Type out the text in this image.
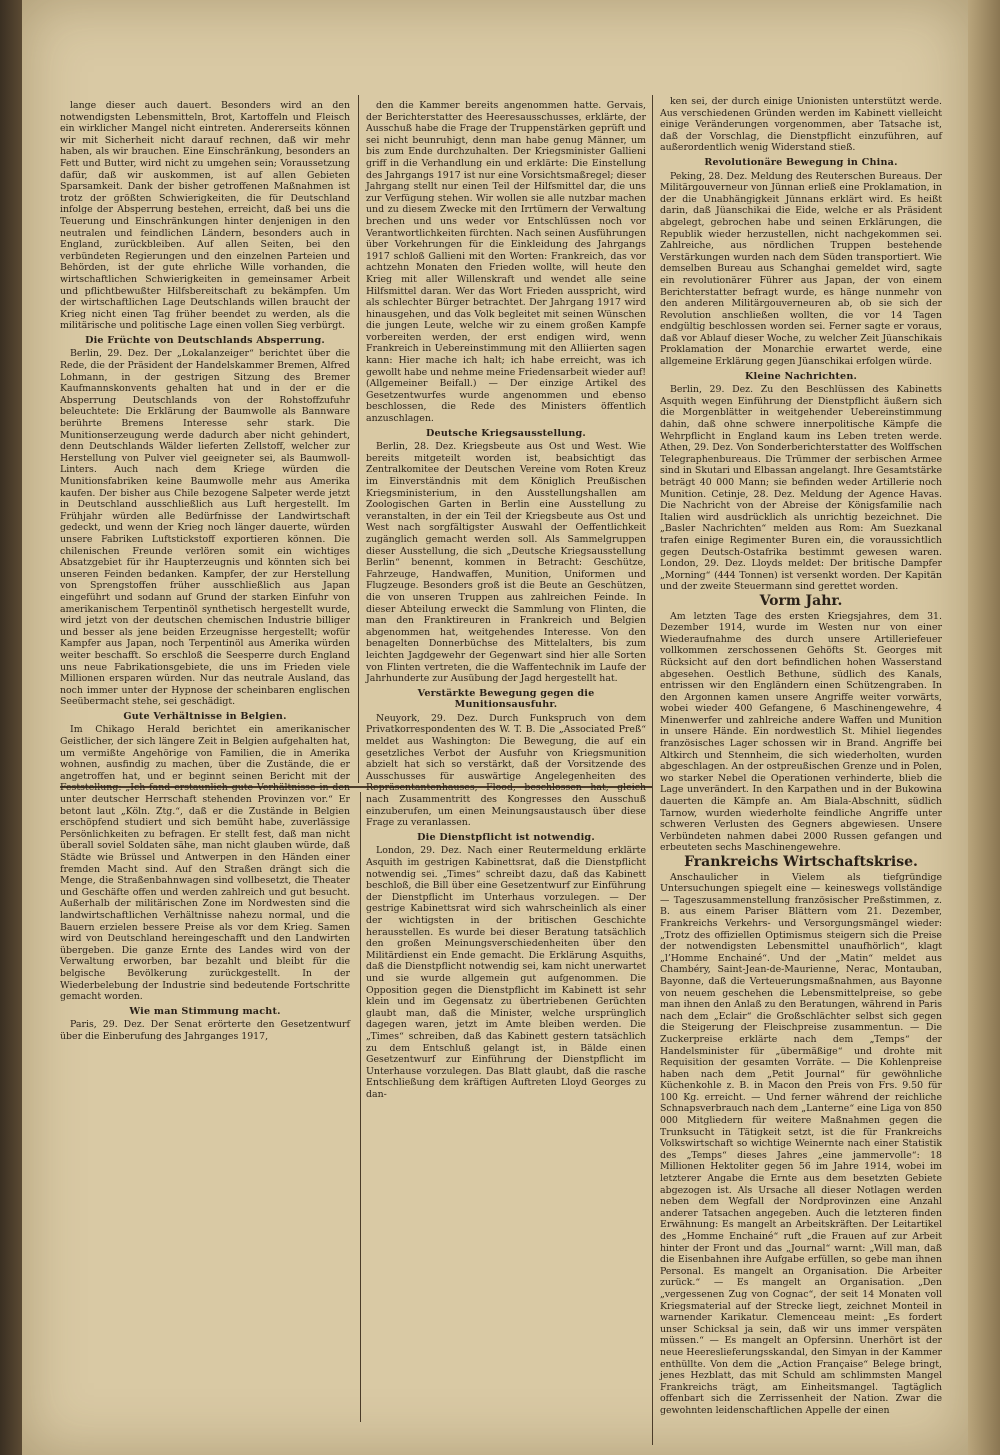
lange dieser auch dauert. Besonders wird an den notwendigsten Lebensmitteln, Brot, Kartoffeln und Fleisch ein wirklicher Mangel nicht eintreten. Andererseits können wir mit Sicherheit nicht darauf rechnen, daß wir mehr haben, als wir brauchen. Eine Einschränkung, besonders an Fett und Butter, wird nicht zu umgehen sein; Voraussetzung dafür, daß wir auskommen, ist auf allen Gebieten Sparsamkeit. Dank der bisher getroffenen Maßnahmen ist trotz der größten Schwierigkeiten, die für Deutschland infolge der Absperrung bestehen, erreicht, daß bei uns die Teuerung und Einschränkungen hinter denjenigen in den neutralen und feindlichen Ländern, besonders auch in England, zurückbleiben. Auf allen Seiten, bei den verbündeten Regierungen und den einzelnen Parteien und Behörden, ist der gute ehrliche Wille vorhanden, die wirtschaftlichen Schwierigkeiten in gemeinsamer Arbeit und pflichtbewußter Hilfsbereitschaft zu bekämpfen. Um der wirtschaftlichen Lage Deutschlands willen braucht der Krieg nicht einen Tag früher beendet zu werden, als die militärische und politische Lage einen vollen Sieg verbürgt.

Die Früchte von Deutschlands Absperrung.

Berlin, 29. Dez. Der „Lokalanzeiger“ berichtet über die Rede, die der Präsident der Handelskammer Bremen, Alfred Lohmann, in der gestrigen Sitzung des Bremer Kaufmannskonvents gehalten hat und in der er die Absperrung Deutschlands von der Rohstoffzufuhr beleuchtete: Die Erklärung der Baumwolle als Bannware berührte Bremens Interesse sehr stark. Die Munitionserzeugung werde dadurch aber nicht gehindert, denn Deutschlands Wälder lieferten Zellstoff, welcher zur Herstellung von Pulver viel geeigneter sei, als Baumwoll-Linters. Auch nach dem Kriege würden die Munitionsfabriken keine Baumwolle mehr aus Amerika kaufen. Der bisher aus Chile bezogene Salpeter werde jetzt in Deutschland ausschließlich aus Luft hergestellt. Im Frühjahr würden alle Bedürfnisse der Landwirtschaft gedeckt, und wenn der Krieg noch länger dauerte, würden unsere Fabriken Luftstickstoff exportieren können. Die chilenischen Freunde verlören somit ein wichtiges Absatzgebiet für ihr Haupterzeugnis und könnten sich bei unseren Feinden bedanken. Kampfer, der zur Herstellung von Sprengstoffen früher ausschließlich aus Japan eingeführt und sodann auf Grund der starken Einfuhr von amerikanischem Terpentinöl synthetisch hergestellt wurde, wird jetzt von der deutschen chemischen Industrie billiger und besser als jene beiden Erzeugnisse hergestellt; wofür Kampfer aus Japan, noch Terpentinöl aus Amerika würden weiter beschafft. So erschloß die Seesperre durch England uns neue Fabrikationsgebiete, die uns im Frieden viele Millionen ersparen würden. Nur das neutrale Ausland, das noch immer unter der Hypnose der scheinbaren englischen Seeübermacht stehe, sei geschädigt.

Gute Verhältnisse in Belgien.

Im Chikago Herald berichtet ein amerikanischer Geistlicher, der sich längere Zeit in Belgien aufgehalten hat, um vermißte Angehörige von Familien, die in Amerika wohnen, ausfindig zu machen, über die Zustände, die er angetroffen hat, und er beginnt seinen Bericht mit der Feststellung: „Ich fand erstaunlich gute Verhältnisse in den unter deutscher Herrschaft stehenden Provinzen vor.“ Er betont laut „Köln. Ztg.“, daß er die Zustände in Belgien erschöpfend studiert und sich bemüht habe, zuverlässige Persönlichkeiten zu befragen. Er stellt fest, daß man nicht überall soviel Soldaten sähe, man nicht glauben würde, daß Städte wie Brüssel und Antwerpen in den Händen einer fremden Macht sind. Auf den Straßen drängt sich die Menge, die Straßenbahnwagen sind vollbesetzt, die Theater und Geschäfte offen und werden zahlreich und gut besucht. Außerhalb der militärischen Zone im Nordwesten sind die landwirtschaftlichen Verhältnisse nahezu normal, und die Bauern erzielen bessere Preise als vor dem Krieg. Samen wird von Deutschland hereingeschafft und den Landwirten übergeben. Die ganze Ernte des Landes wird von der Verwaltung erworben, bar bezahlt und bleibt für die belgische Bevölkerung zurückgestellt. In der Wiederbelebung der Industrie sind bedeutende Fortschritte gemacht worden.

Wie man Stimmung macht.

Paris, 29. Dez. Der Senat erörterte den Gesetzentwurf über die Einberufung des Jahrganges 1917,

den die Kammer bereits angenommen hatte. Gervais, der Berichterstatter des Heeresausschusses, erklärte, der Ausschuß habe die Frage der Truppenstärken geprüft und sei nicht beunruhigt, denn man habe genug Männer, um bis zum Ende durchzuhalten. Der Kriegsminister Gallieni griff in die Verhandlung ein und erklärte: Die Einstellung des Jahrgangs 1917 ist nur eine Vorsichtsmaßregel; dieser Jahrgang stellt nur einen Teil der Hilfsmittel dar, die uns zur Verfügung stehen. Wir wollen sie alle nutzbar machen und zu diesem Zwecke mit den Irrtümern der Verwaltung brechen und uns weder vor Entschlüssen noch vor Verantwortlichkeiten fürchten. Nach seinen Ausführungen über Vorkehrungen für die Einkleidung des Jahrgangs 1917 schloß Gallieni mit den Worten: Frankreich, das vor achtzehn Monaten den Frieden wollte, will heute den Krieg mit aller Willenskraft und wendet alle seine Hilfsmittel daran. Wer das Wort Frieden ausspricht, wird als schlechter Bürger betrachtet. Der Jahrgang 1917 wird hinausgehen, und das Volk begleitet mit seinen Wünschen die jungen Leute, welche wir zu einem großen Kampfe vorbereiten werden, der erst endigen wird, wenn Frankreich in Uebereinstimmung mit den Alliierten sagen kann: Hier mache ich halt; ich habe erreicht, was ich gewollt habe und nehme meine Friedensarbeit wieder auf! (Allgemeiner Beifall.) — Der einzige Artikel des Gesetzentwurfes wurde angenommen und ebenso beschlossen, die Rede des Ministers öffentlich anzuschlagen.

Deutsche Kriegsausstellung.

Berlin, 28. Dez. Kriegsbeute aus Ost und West. Wie bereits mitgeteilt worden ist, beabsichtigt das Zentralkomitee der Deutschen Vereine vom Roten Kreuz im Einverständnis mit dem Königlich Preußischen Kriegsministerium, in den Ausstellungshallen am Zoologischen Garten in Berlin eine Ausstellung zu veranstalten, in der ein Teil der Kriegsbeute aus Ost und West nach sorgfältigster Auswahl der Oeffentlichkeit zugänglich gemacht werden soll. Als Sammelgruppen dieser Ausstellung, die sich „Deutsche Kriegsausstellung Berlin“ benennt, kommen in Betracht: Geschütze, Fahrzeuge, Handwaffen, Munition, Uniformen und Flugzeuge. Besonders groß ist die Beute an Geschützen, die von unseren Truppen aus zahlreichen Feinde. In dieser Abteilung erweckt die Sammlung von Flinten, die man den Franktireuren in Frankreich und Belgien abgenommen hat, weitgehendes Interesse. Von den benagelten Donnerbüchse des Mittelalters, bis zum leichten Jagdgewehr der Gegenwart sind hier alle Sorten von Flinten vertreten, die die Waffentechnik im Laufe der Jahrhunderte zur Ausübung der Jagd hergestellt hat.

Verstärkte Bewegung gegen die Munitionsausfuhr.

Neuyork, 29. Dez. Durch Funkspruch von dem Privatkorrespondenten des W. T. B. Die „Associated Preß“ meldet aus Washington: Die Bewegung, die auf ein gesetzliches Verbot der Ausfuhr von Kriegsmunition abzielt hat sich so verstärkt, daß der Vorsitzende des Ausschusses für auswärtige Angelegenheiten des Repräsentantenhauses, Flood, beschlossen hat, gleich nach Zusammentritt des Kongresses den Ausschuß einzuberufen, um einen Meinungsaustausch über diese Frage zu veranlassen.

Die Dienstpflicht ist notwendig.

London, 29. Dez. Nach einer Reutermeldung erklärte Asquith im gestrigen Kabinettsrat, daß die Dienstpflicht notwendig sei. „Times“ schreibt dazu, daß das Kabinett beschloß, die Bill über eine Gesetzentwurf zur Einführung der Dienstpflicht im Unterhaus vorzulegen. — Der gestrige Kabinettsrat wird sich wahrscheinlich als einer der wichtigsten in der britischen Geschichte herausstellen. Es wurde bei dieser Beratung tatsächlich den großen Meinungsverschiedenheiten über den Militärdienst ein Ende gemacht. Die Erklärung Asquiths, daß die Dienstpflicht notwendig sei, kam nicht unerwartet und sie wurde allgemein gut aufgenommen. Die Opposition gegen die Dienstpflicht im Kabinett ist sehr klein und im Gegensatz zu übertriebenen Gerüchten glaubt man, daß die Minister, welche ursprünglich dagegen waren, jetzt im Amte bleiben werden. Die „Times“ schreiben, daß das Kabinett gestern tatsächlich zu dem Entschluß gelangt ist, in Bälde einen Gesetzentwurf zur Einführung der Dienstpflicht im Unterhause vorzulegen. Das Blatt glaubt, daß die rasche Entschließung dem kräftigen Auftreten Lloyd Georges zu dan-

ken sei, der durch einige Unionisten unterstützt werde. Aus verschiedenen Gründen werden im Kabinett vielleicht einige Veränderungen vorgenommen, aber Tatsache ist, daß der Vorschlag, die Dienstpflicht einzuführen, auf außerordentlich wenig Widerstand stieß.

Revolutionäre Bewegung in China.

Peking, 28. Dez. Meldung des Reuterschen Bureaus. Der Militärgouverneur von Jünnan erließ eine Proklamation, in der die Unabhängigkeit Jünnans erklärt wird. Es heißt darin, daß Jüanschikai die Eide, welche er als Präsident abgelegt, gebrochen habe und seinen Erklärungen, die Republik wieder herzustellen, nicht nachgekommen sei. Zahlreiche, aus nördlichen Truppen bestehende Verstärkungen wurden nach dem Süden transportiert. Wie demselben Bureau aus Schanghai gemeldet wird, sagte ein revolutionärer Führer aus Japan, der von einem Berichterstatter befragt wurde, es hänge nunmehr von den anderen Militärgouverneuren ab, ob sie sich der Revolution anschließen wollten, die vor 14 Tagen endgültig beschlossen worden sei. Ferner sagte er voraus, daß vor Ablauf dieser Woche, zu welcher Zeit Jüanschikais Proklamation der Monarchie erwartet werde, eine allgemeine Erklärung gegen Jüanschikai erfolgen würde.

Kleine Nachrichten.

Berlin, 29. Dez. Zu den Beschlüssen des Kabinetts Asquith wegen Einführung der Dienstpflicht äußern sich die Morgenblätter in weitgehender Uebereinstimmung dahin, daß ohne schwere innerpolitische Kämpfe die Wehrpflicht in England kaum ins Leben treten werde. Athen, 29. Dez. Von Sonderberichterstatter des Wolffschen Telegraphenbureaus. Die Trümmer der serbischen Armee sind in Skutari und Elbassan angelangt. Ihre Gesamtstärke beträgt 40 000 Mann; sie befinden weder Artillerie noch Munition. Cetinje, 28. Dez. Meldung der Agence Havas. Die Nachricht von der Abreise der Königsfamilie nach Italien wird ausdrücklich als unrichtig bezeichnet. Die „Basler Nachrichten“ melden aus Rom: Am Suezkanal trafen einige Regimenter Buren ein, die voraussichtlich gegen Deutsch-Ostafrika bestimmt gewesen waren. London, 29. Dez. Lloyds meldet: Der britische Dampfer „Morning“ (444 Tonnen) ist versenkt worden. Der Kapitän und der zweite Steuermann sind gerettet worden.

Vorm Jahr.

Am letzten Tage des ersten Kriegsjahres, dem 31. Dezember 1914, wurde im Westen nur von einer Wiederaufnahme des durch unsere Artilleriefeuer vollkommen zerschossenen Gehöfts St. Georges mit Rücksicht auf den dort befindlichen hohen Wasserstand abgesehen. Oestlich Bethune, südlich des Kanals, entrissen wir den Engländern einen Schützengraben. In den Argonnen kamen unsere Angriffe weiter vorwärts, wobei wieder 400 Gefangene, 6 Maschinengewehre, 4 Minenwerfer und zahlreiche andere Waffen und Munition in unsere Hände. Ein nordwestlich St. Mihiel liegendes französisches Lager schossen wir in Brand. Angriffe bei Altkirch und Stennheim, die sich wiederholten, wurden abgeschlagen. An der ostpreußischen Grenze und in Polen, wo starker Nebel die Operationen verhinderte, blieb die Lage unverändert. In den Karpathen und in der Bukowina dauerten die Kämpfe an. Am Biala-Abschnitt, südlich Tarnow, wurden wiederholte feindliche Angriffe unter schweren Verlusten des Gegners abgewiesen. Unsere Verbündeten nahmen dabei 2000 Russen gefangen und erbeuteten sechs Maschinengewehre.

Frankreichs Wirtschaftskrise.

Anschaulicher in Vielem als tiefgründige Untersuchungen spiegelt eine — keineswegs vollständige — Tageszusammenstellung französischer Preßstimmen, z. B. aus einem Pariser Blättern vom 21. Dezember, Frankreichs Verkehrs- und Versorgungsmängel wieder: „Trotz des offiziellen Optimismus steigern sich die Preise der notwendigsten Lebensmittel unaufhörlich“, klagt „l’Homme Enchainé“. Und der „Matin“ meldet aus Chambéry, Saint-Jean-de-Maurienne, Nerac, Montauban, Bayonne, daß die Verteuerungsmaßnahmen, aus Bayonne von neuem geschehen die Lebensmittelpreise, so gebe man ihnen den Anlaß zu den Beratungen, während in Paris nach dem „Eclair“ die Großschlächter selbst sich gegen die Steigerung der Fleischpreise zusammentun. — Die Zuckerpreise erklärte nach dem „Temps“ der Handelsminister für „übermäßige“ und drohte mit Requisition der gesamten Vorräte. — Die Kohlenpreise haben nach dem „Petit Journal“ für gewöhnliche Küchenkohle z. B. in Macon den Preis von Frs. 9.50 für 100 Kg. erreicht. — Und ferner während der reichliche Schnapsverbrauch nach dem „Lanterne“ eine Liga von 850 000 Mitgliedern für weitere Maßnahmen gegen die Trunksucht in Tätigkeit setzt, ist die für Frankreichs Volkswirtschaft so wichtige Weinernte nach einer Statistik des „Temps“ dieses Jahres „eine jammervolle“: 18 Millionen Hektoliter gegen 56 im Jahre 1914, wobei im letzterer Angabe die Ernte aus dem besetzten Gebiete abgezogen ist. Als Ursache all dieser Notlagen werden neben dem Wegfall der Nordprovinzen eine Anzahl anderer Tatsachen angegeben. Auch die letzteren finden Erwähnung: Es mangelt an Arbeitskräften. Der Leitartikel des „Homme Enchainé“ ruft „die Frauen auf zur Arbeit hinter der Front und das „Journal“ warnt: „Will man, daß die Eisenbahnen ihre Aufgabe erfüllen, so gebe man ihnen Personal. Es mangelt an Organisation. Die Arbeiter zurück.“ — Es mangelt an Organisation. „Den „vergessenen Zug von Cognac“, der seit 14 Monaten voll Kriegsmaterial auf der Strecke liegt, zeichnet Monteil in warnender Karikatur. Clemenceau meint: „Es fordert unser Schicksal ja sein, daß wir uns immer verspäten müssen.“ — Es mangelt an Opfersinn. Unerhört ist der neue Heereslieferungsskandal, den Simyan in der Kammer enthüllte. Von dem die „Action Française“ Belege bringt, jenes Hezblatt, das mit Schuld am schlimmsten Mangel Frankreichs trägt, am Einheitsmangel. Tagtäglich offenbart sich die Zerrissenheit der Nation. Zwar die gewohnten leidenschaftlichen Appelle der einen
